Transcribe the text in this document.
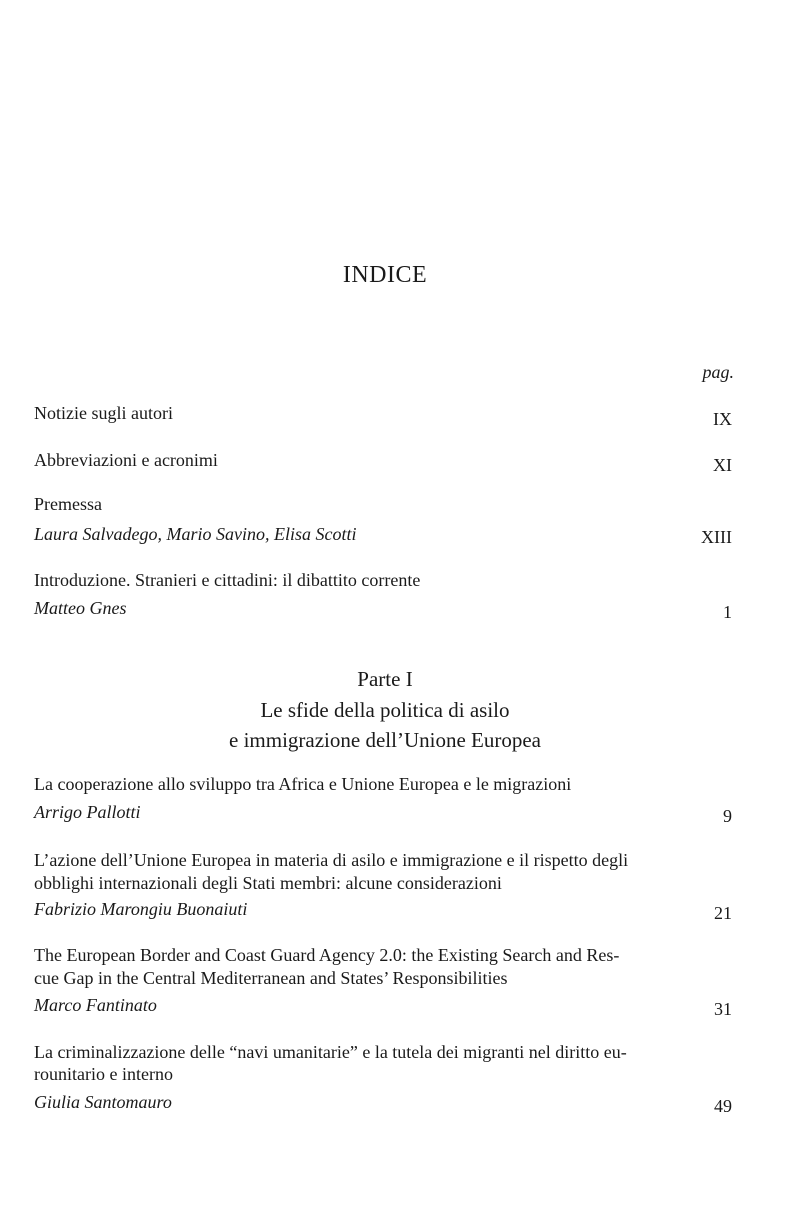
INDICE
pag.
Notizie sugli autori	IX
Abbreviazioni e acronimi	XI
Premessa
Laura Salvadego, Mario Savino, Elisa Scotti	XIII
Introduzione. Stranieri e cittadini: il dibattito corrente
Matteo Gnes	1
Parte I
Le sfide della politica di asilo
e immigrazione dell’Unione Europea
La cooperazione allo sviluppo tra Africa e Unione Europea e le migrazioni
Arrigo Pallotti	9
L’azione dell’Unione Europea in materia di asilo e immigrazione e il rispetto degli
obblighi internazionali degli Stati membri: alcune considerazioni
Fabrizio Marongiu Buonaiuti	21
The European Border and Coast Guard Agency 2.0: the Existing Search and Res-
cue Gap in the Central Mediterranean and States’ Responsibilities
Marco Fantinato	31
La criminalizzazione delle “navi umanitarie” e la tutela dei migranti nel diritto eu-
rounitario e interno
Giulia Santomauro	49
